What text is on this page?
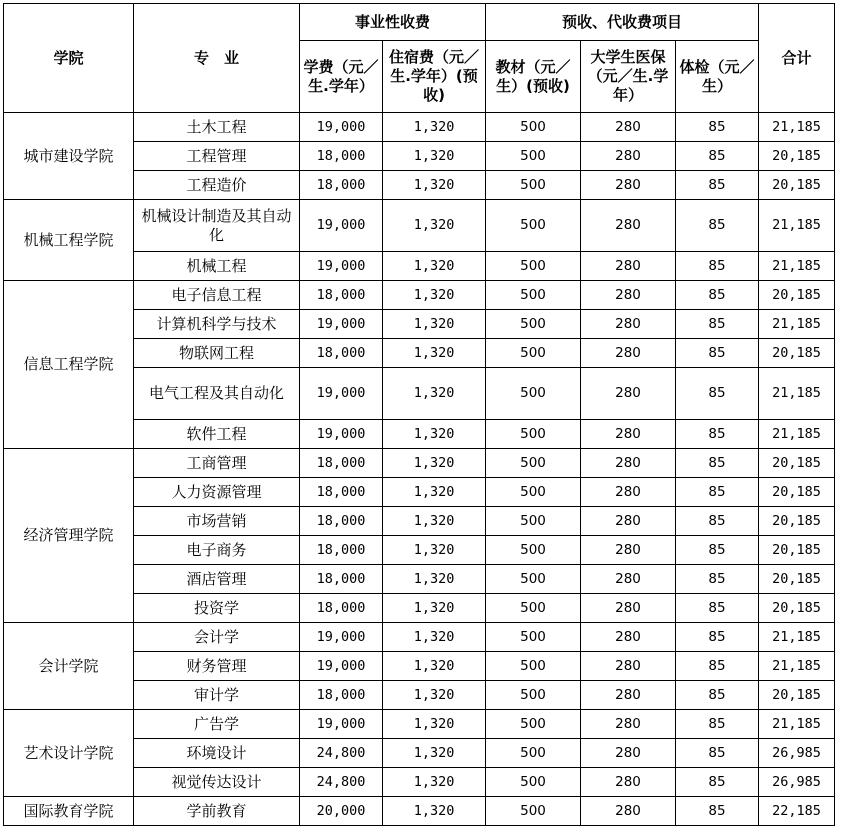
学院	专　业	事业性收费		预收、代收费项目			合计
		学费（元／生.学年）	住宿费（元／生.学年）(预收)	教材（元／生）(预收)	大学生医保（元／生.学年）	体检（元／生）	
城市建设学院	土木工程	19,000	1,320	500	280	85	21,185
	工程管理	18,000	1,320	500	280	85	20,185
	工程造价	18,000	1,320	500	280	85	20,185
机械工程学院	机械设计制造及其自动化	19,000	1,320	500	280	85	21,185
	机械工程	19,000	1,320	500	280	85	21,185
信息工程学院	电子信息工程	18,000	1,320	500	280	85	20,185
	计算机科学与技术	19,000	1,320	500	280	85	21,185
	物联网工程	18,000	1,320	500	280	85	20,185
	电气工程及其自动化	19,000	1,320	500	280	85	21,185
	软件工程	19,000	1,320	500	280	85	21,185
经济管理学院	工商管理	18,000	1,320	500	280	85	20,185
	人力资源管理	18,000	1,320	500	280	85	20,185
	市场营销	18,000	1,320	500	280	85	20,185
	电子商务	18,000	1,320	500	280	85	20,185
	酒店管理	18,000	1,320	500	280	85	20,185
	投资学	18,000	1,320	500	280	85	20,185
会计学院	会计学	19,000	1,320	500	280	85	21,185
	财务管理	19,000	1,320	500	280	85	21,185
	审计学	18,000	1,320	500	280	85	20,185
艺术设计学院	广告学	19,000	1,320	500	280	85	21,185
	环境设计	24,800	1,320	500	280	85	26,985
	视觉传达设计	24,800	1,320	500	280	85	26,985
国际教育学院	学前教育	20,000	1,320	500	280	85	22,185
